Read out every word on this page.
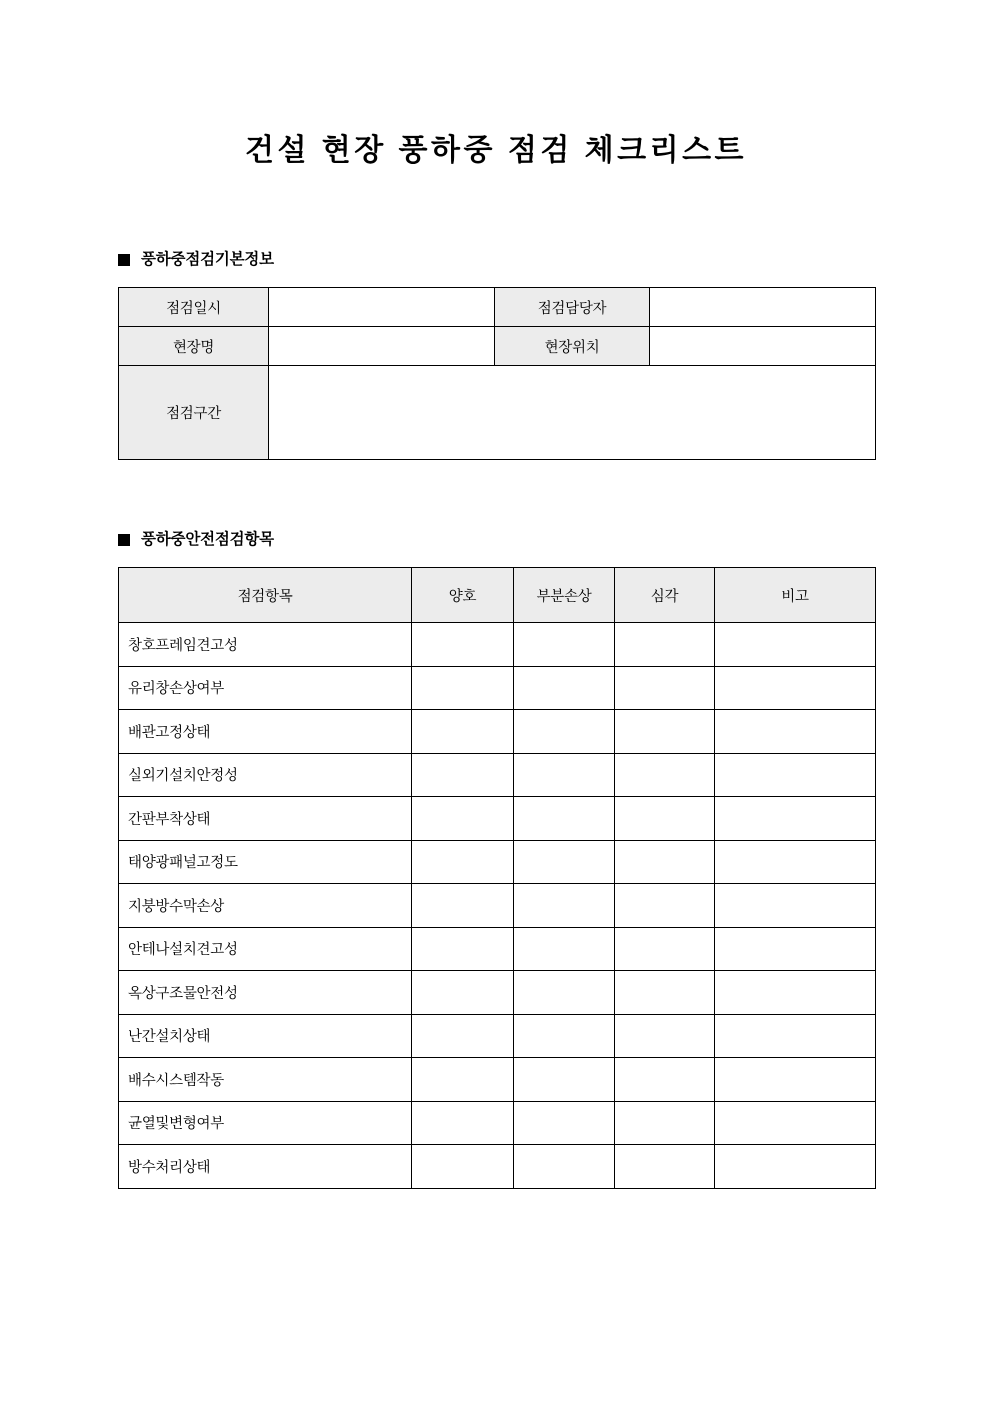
건설 현장 풍하중 점검 체크리스트
풍하중점검기본정보
점검일시		점검담당자	
현장명		현장위치	
점검구간			
풍하중안전점검항목
점검항목	양호	부분손상	심각	비고
창호프레임견고성				
유리창손상여부				
배관고정상태				
실외기설치안정성				
간판부착상태				
태양광패널고정도				
지붕방수막손상				
안테나설치견고성				
옥상구조물안전성				
난간설치상태				
배수시스템작동				
균열및변형여부				
방수처리상태				
